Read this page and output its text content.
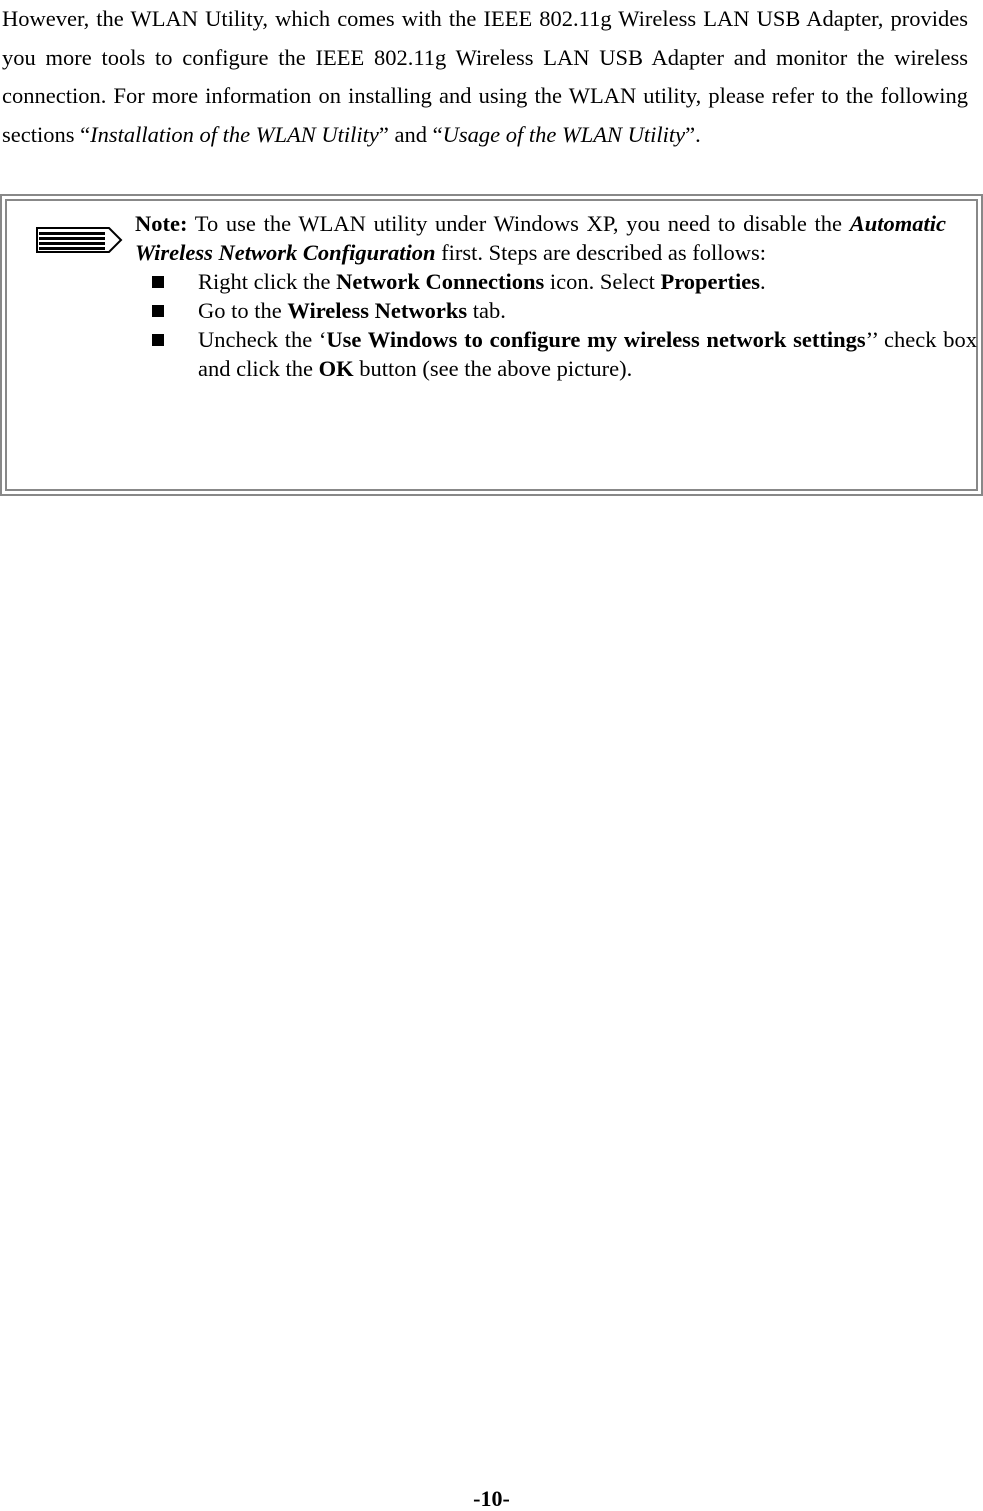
However, the WLAN Utility, which comes with the IEEE 802.11g Wireless LAN USB Adapter, provides you more tools to configure the IEEE 802.11g Wireless LAN USB Adapter and monitor the wireless connection. For more information on installing and using the WLAN utility, please refer to the following sections “Installation of the WLAN Utility” and “Usage of the WLAN Utility”.

Note: To use the WLAN utility under Windows XP, you need to disable the Automatic Wireless Network Configuration first. Steps are described as follows:

Right click the Network Connections icon. Select Properties.
Go to the Wireless Networks tab.
Uncheck the ‘Use Windows to configure my wireless network settings’’ check box and click the OK button (see the above picture).
-10-
